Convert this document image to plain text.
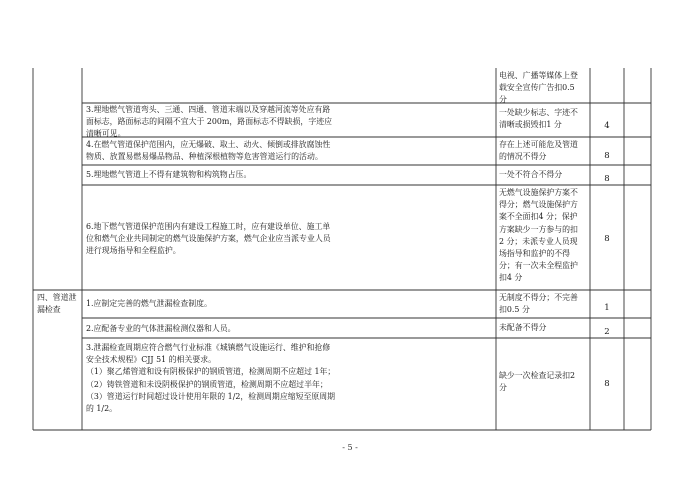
电视、广播等媒体上登
载安全宣传广告扣0.5
分
3.埋地燃气管道弯头、三通、四通、管道末端以及穿越河流等处应有路
面标志，路面标志的间隔不宜大于 200m，路面标志不得缺损，字迹应
清晰可见。
一处缺少标志、字迹不
清晰或损毁扣1 分	4
4.在燃气管道保护范围内，应无爆破、取土、动火、倾倒或排放腐蚀性
物质、放置易燃易爆品物品、种植深根植物等危害管道运行的活动。
存在上述可能危及管道
的情况不得分	8
5.埋地燃气管道上不得有建筑物和构筑物占压。	一处不符合不得分	8
6.地下燃气管道保护范围内有建设工程施工时，应有建设单位、施工单
位和燃气企业共同制定的燃气设施保护方案，燃气企业应当派专业人员
进行现场指导和全程监护。
无燃气设施保护方案不
得分；燃气设施保护方
案不全面扣4 分；保护
方案缺少一方参与的扣
2 分；未派专业人员现
场指导和监护的不得
分；有一次未全程监护
扣4 分
8
四、管道泄
漏检查
1.应制定完善的燃气泄漏检查制度。
无制度不得分；不完善
扣0.5 分	1
2.应配备专业的气体泄漏检测仪器和人员。	未配备不得分	2
3.泄漏检查周期应符合燃气行业标准《城镇燃气设施运行、维护和抢修
安全技术规程》CJJ 51 的相关要求。
（1）聚乙烯管道和设有阴极保护的钢质管道，检测周期不应超过 1年；
（2）铸铁管道和未设阴极保护的钢质管道，检测周期不应超过半年；
（3）管道运行时间超过设计使用年限的 1/2，检测周期应缩短至原周期
的 1/2。
缺少一次检查记录扣2
分	8
- 5 -
